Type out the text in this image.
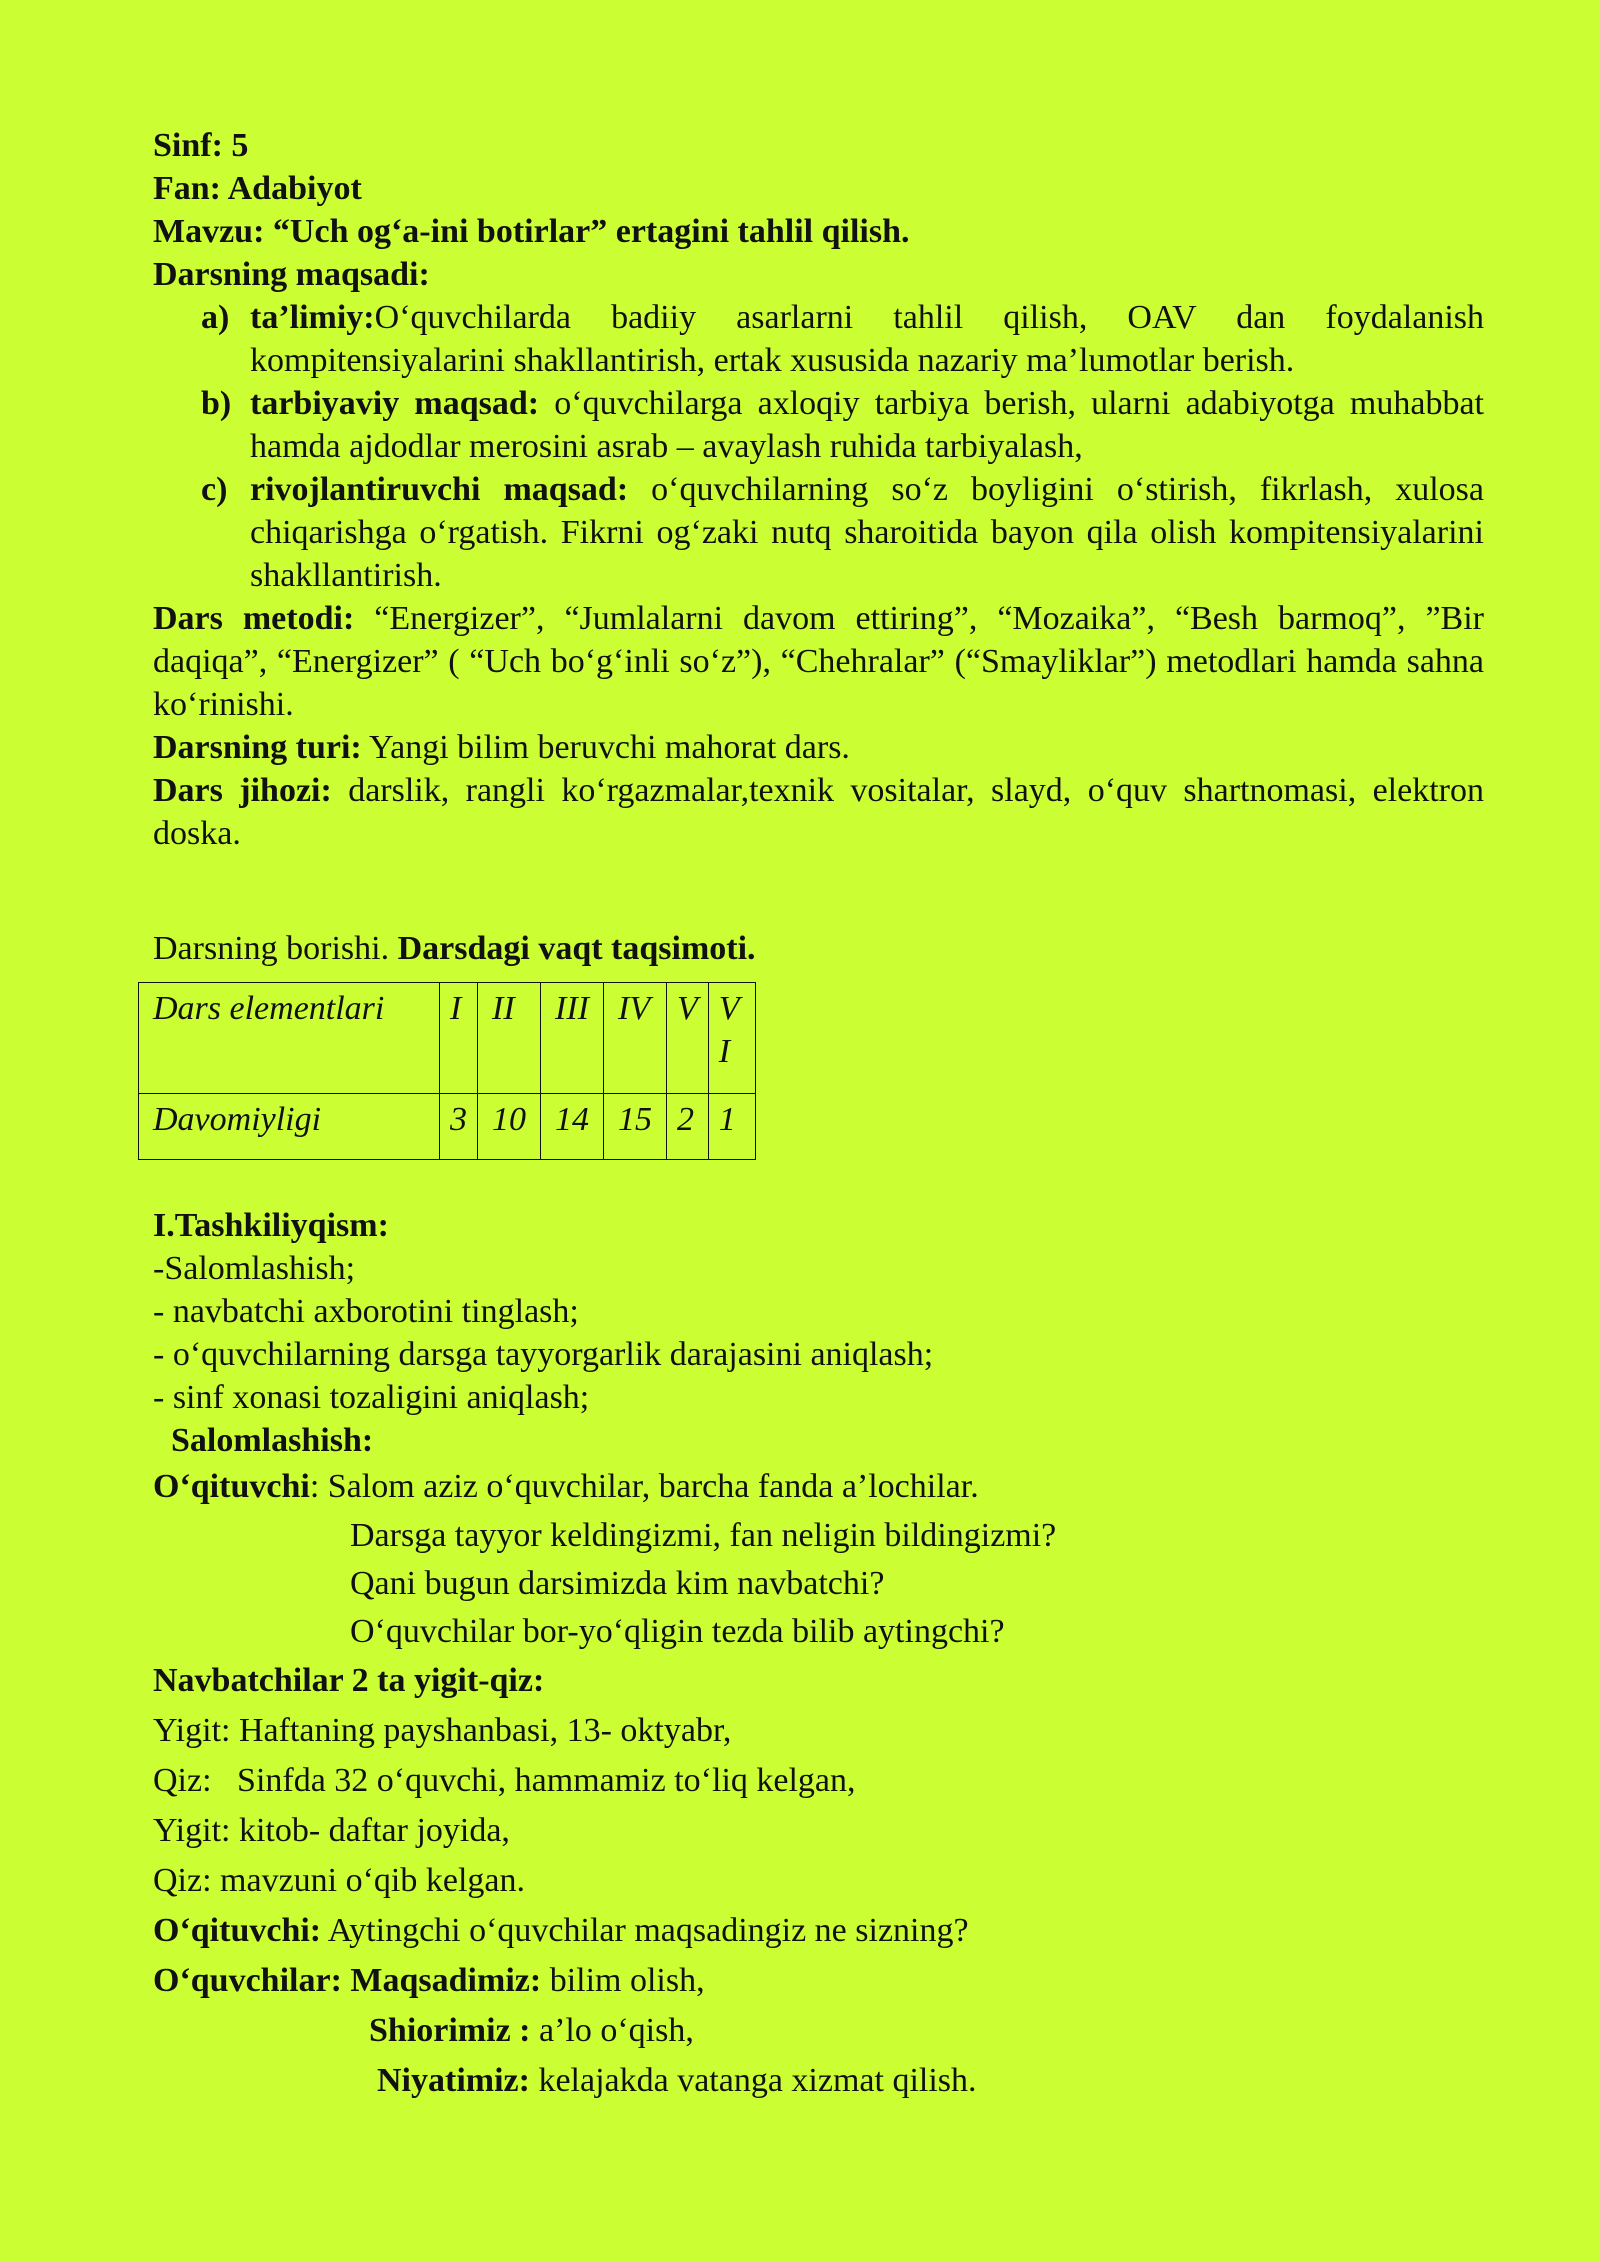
Sinf: 5

Fan: Adabiyot

Mavzu: “Uch og‘a-ini botirlar” ertagini tahlil qilish.

Darsning maqsadi:

a) ta’limiy:O‘quvchilarda badiiy asarlarni tahlil qilish, OAV dan foydalanish kompitensiyalarini shakllantirish, ertak xususida nazariy ma’lumotlar berish.
b) tarbiyaviy maqsad: o‘quvchilarga axloqiy tarbiya berish, ularni adabiyotga muhabbat hamda ajdodlar merosini asrab – avaylash ruhida tarbiyalash,
c) rivojlantiruvchi maqsad: o‘quvchilarning so‘z boyligini o‘stirish, fikrlash, xulosa chiqarishga o‘rgatish. Fikrni og‘zaki nutq sharoitida bayon qila olish kompitensiyalarini shakllantirish.

Dars metodi: “Energizer”, “Jumlalarni davom ettiring”, “Mozaika”, “Besh barmoq”, ”Bir daqiqa”, “Energizer” ( “Uch bo‘g‘inli so‘z”), “Chehralar” (“Smayliklar”) metodlari hamda sahna ko‘rinishi.

Darsning turi: Yangi bilim beruvchi mahorat dars.

Dars jihozi: darslik, rangli ko‘rgazmalar,texnik vositalar, slayd, o‘quv shartnomasi, elektron doska.

Darsning borishi. Darsdagi vaqt taqsimoti.

Dars elementlari	I	II	III	IV	V	V I
Davomiyligi	3	10	14	15	2	1

I.Tashkiliyqism:

-Salomlashish;

- navbatchi axborotini tinglash;

- o‘quvchilarning darsga tayyorgarlik darajasini aniqlash;

- sinf xonasi tozaligini aniqlash;

Salomlashish:

O‘qituvchi: Salom aziz o‘quvchilar, barcha fanda a’lochilar.

Darsga tayyor keldingizmi, fan neligin bildingizmi?

Qani bugun darsimizda kim navbatchi?

O‘quvchilar bor-yo‘qligin tezda bilib aytingchi?

Navbatchilar 2 ta yigit-qiz:

Yigit: Haftaning payshanbasi, 13- oktyabr,

Qiz:   Sinfda 32 o‘quvchi, hammamiz to‘liq kelgan,

Yigit: kitob- daftar joyida,

Qiz: mavzuni o‘qib kelgan.

O‘qituvchi: Aytingchi o‘quvchilar maqsadingiz ne sizning?

O‘quvchilar: Maqsadimiz: bilim olish,

Shiorimiz : a’lo o‘qish,

Niyatimiz: kelajakda vatanga xizmat qilish.
